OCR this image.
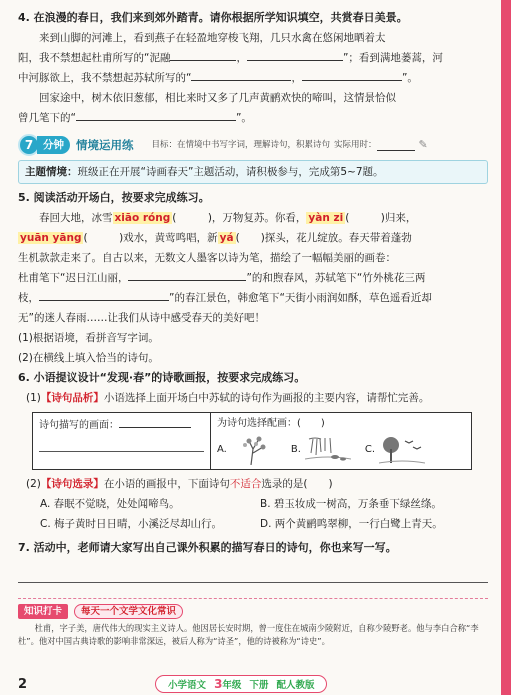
4. 在浪漫的春日，我们来到郊外踏青。请你根据所学知识填空，共赏春日美景。

来到山脚的河滩上，看到燕子在轻盈地穿梭飞翔，几只水禽在悠闲地晒着太

阳，我不禁想起杜甫所写的“泥融	，	”；看到满地蒌蒿，河

中河豚欲上，我不禁想起苏轼所写的“	，	”。

回家途中，树木依旧葱郁，相比来时又多了几声黄鹂欢快的啼叫，这情景恰似

曾几笔下的“	”。

7 分钟	情境运用练 目标：在情境中书写字词，理解诗句，积累诗句 实际用时：	✎
主题情境：班级正在开展“诗画春天”主题活动，请积极参与，完成第5~7题。

5. 阅读活动开场白，按要求完成练习。

春回大地，冰雪 xiāo róng (　　　)，万物复苏。你看， yàn zi (　　　)归来，

yuān yāng (　　　)戏水，黄莺鸣唱，新 yá (　　)探头，花儿绽放。春天带着蓬勃

生机款款走来了。自古以来，无数文人墨客以诗为笔，描绘了一幅幅美丽的画卷：

杜甫笔下“迟日江山丽，	”的和煦春风，苏轼笔下“竹外桃花三两

枝，	”的春江景色，韩愈笔下“天街小雨润如酥，草色遥看近却

无”的迷人春雨……让我们从诗中感受春天的美好吧！

(1)根据语境，看拼音写字词。

(2)在横线上填入恰当的诗句。

6. 小语提议设计“发现·春”的诗歌画报，按要求完成练习。

(1)【诗句品析】小语选择上面开场白中苏轼的诗句作为画报的主要内容，请帮忙完善。

诗句描写的画面：	为诗句选择配画：(　　)
A.	B.	C.

(2)【诗句选录】在小语的画报中，下面诗句不适合选录的是(　　)

A. 春眠不觉晓，处处闻啼鸟。	B. 碧玉妆成一树高，万条垂下绿丝绦。
C. 梅子黄时日日晴，小溪泛尽却山行。	D. 两个黄鹂鸣翠柳，一行白鹭上青天。

7. 活动中，老师请大家写出自己课外积累的描写春日的诗句，你也来写一写。

知识打卡	每天一个文学文化常识

杜甫，字子美，唐代伟大的现实主义诗人。他因居长安时期，曾一度住在城南少陵附近，自称少陵野老。他与李白合称“李杜”。他对中国古典诗歌的影响非常深远，被后人称为“诗圣”，他的诗被称为“诗史”。

2	小学语文 3 年级 下册 配人教版
